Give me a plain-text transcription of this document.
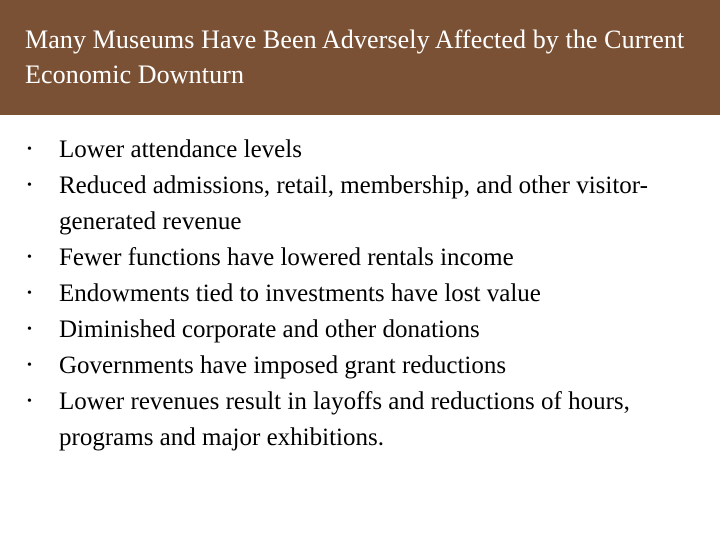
Many Museums Have Been Adversely Affected by the Current Economic Downturn
•	Lower attendance levels
•	Reduced admissions, retail, membership, and other visitor-generated revenue
•	Fewer functions have lowered rentals income
•	Endowments tied to investments have lost value
•	Diminished corporate and other donations
•	Governments have imposed grant reductions
•	Lower revenues result in layoffs and reductions of hours, programs and major exhibitions.
